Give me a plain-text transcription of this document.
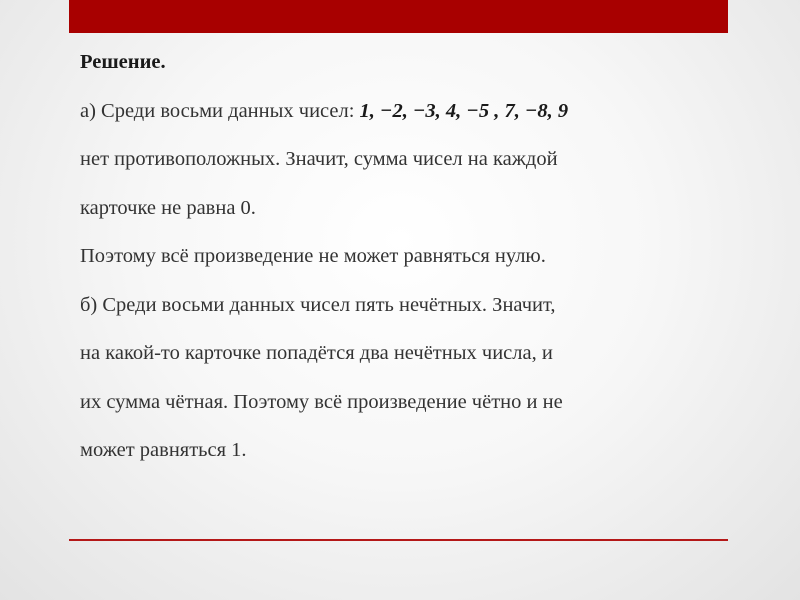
Решение.
а) Среди восьми данных чисел: 1, −2, −3, 4, −5 , 7, −8, 9
нет противоположных. Значит, сумма чисел на каждой
карточке не равна 0.
Поэтому всё произведение не может равняться нулю.
б) Среди восьми данных чисел пять нечётных. Значит,
на какой-то карточке попадётся два нечётных числа, и
их сумма чётная. Поэтому всё произведение чётно и не
может равняться 1.
